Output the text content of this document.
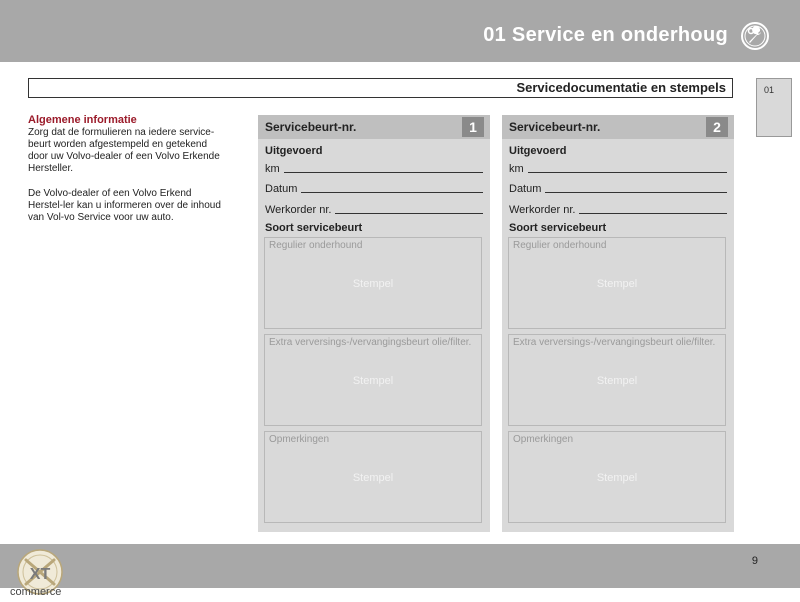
01 Service en onderhoug
Servicedocumentatie en stempels	01
Algemene informatie

Zorg dat de formulieren na iedere service-beurt worden afgestempeld en getekend door uw Volvo-dealer of een Volvo Erkende Hersteller.

De Volvo-dealer of een Volvo Erkend Herstel-ler kan u informeren over de inhoud van Vol-vo Service voor uw auto.

Servicebeurt-nr.	1
Uitgevoerd
km
Datum
Werkorder nr.
Soort servicebeurt
Regulier onderhound
Stempel
Extra verversings-/vervangingsbeurt olie/filter.
Stempel
Opmerkingen
Stempel
Servicebeurt-nr.	2
Uitgevoerd
km
Datum
Werkorder nr.
Soort servicebeurt
Regulier onderhound
Stempel
Extra verversings-/vervangingsbeurt olie/filter.
Stempel
Opmerkingen
Stempel
9
XT
commerce
